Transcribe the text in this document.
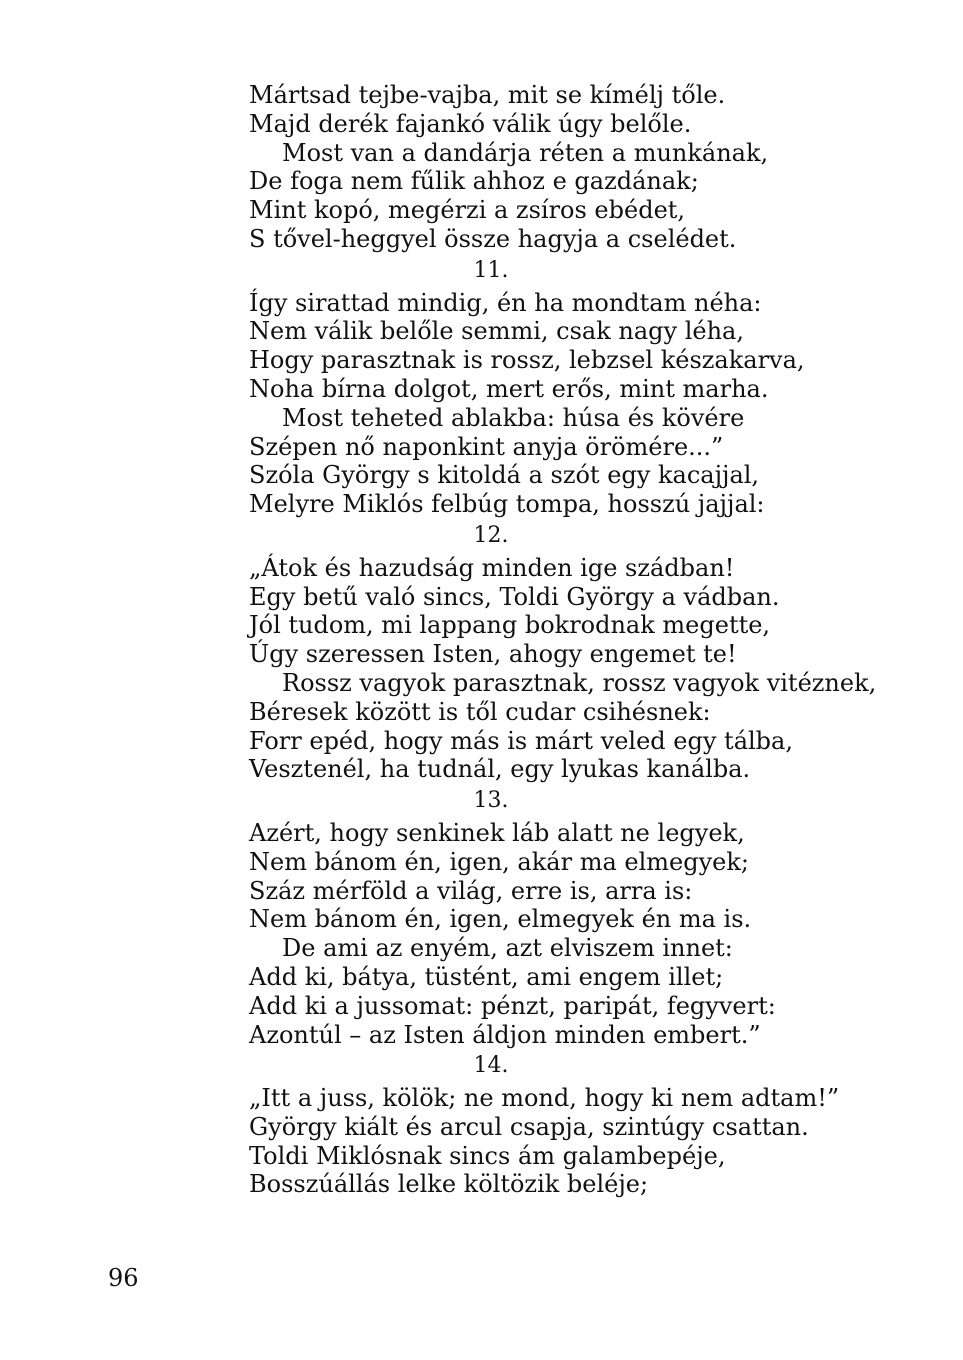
Mártsad tejbe-vajba, mit se kímélj tőle.
Majd derék fajankó válik úgy belőle.
Most van a dandárja réten a munkának,
De foga nem fűlik ahhoz e gazdának;
Mint kopó, megérzi a zsíros ebédet,
S tővel-heggyel össze hagyja a cselédet.
11.
Így sirattad mindig, én ha mondtam néha:
Nem válik belőle semmi, csak nagy léha,
Hogy parasztnak is rossz, lebzsel készakarva,
Noha bírna dolgot, mert erős, mint marha.
Most teheted ablakba: húsa és kövére
Szépen nő naponkint anyja örömére...”
Szóla György s kitoldá a szót egy kacajjal,
Melyre Miklós felbúg tompa, hosszú jajjal:
12.
„Átok és hazudság minden ige szádban!
Egy betű való sincs, Toldi György a vádban.
Jól tudom, mi lappang bokrodnak megette,
Úgy szeressen Isten, ahogy engemet te!
Rossz vagyok parasztnak, rossz vagyok vitéznek,
Béresek között is től cudar csihésnek:
Forr epéd, hogy más is márt veled egy tálba,
Vesztenél, ha tudnál, egy lyukas kanálba.
13.
Azért, hogy senkinek láb alatt ne legyek,
Nem bánom én, igen, akár ma elmegyek;
Száz mérföld a világ, erre is, arra is:
Nem bánom én, igen, elmegyek én ma is.
De ami az enyém, azt elviszem innet:
Add ki, bátya, tüstént, ami engem illet;
Add ki a jussomat: pénzt, paripát, fegyvert:
Azontúl – az Isten áldjon minden embert.”
14.
„Itt a juss, kölök; ne mond, hogy ki nem adtam!”
György kiált és arcul csapja, szintúgy csattan.
Toldi Miklósnak sincs ám galambepéje,
Bosszúállás lelke költözik beléje;
96
